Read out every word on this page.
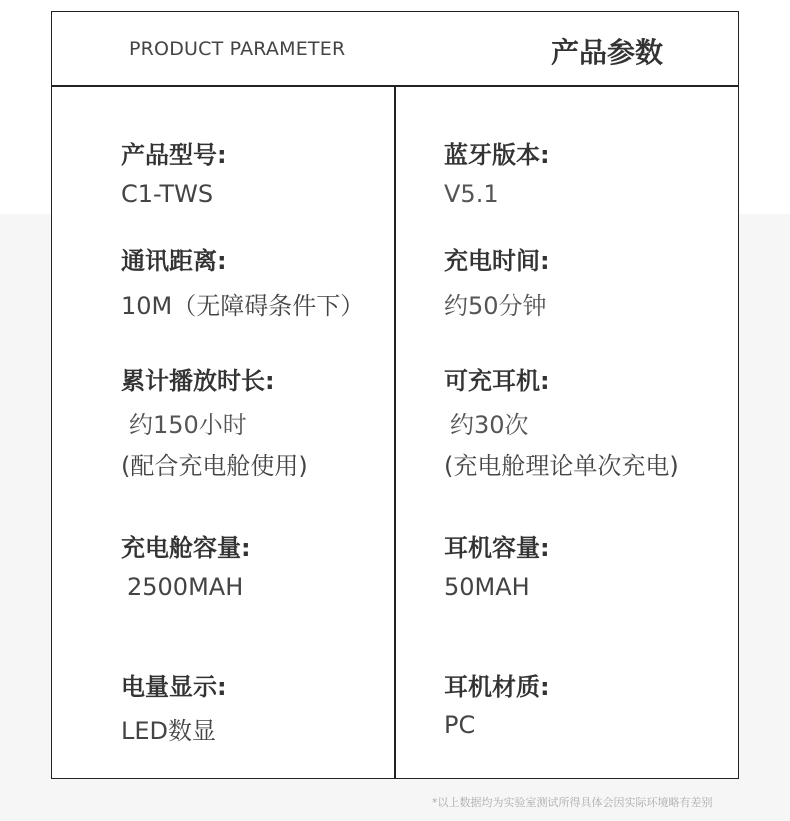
PRODUCT PARAMETER	产品参数
产品型号:
C1-TWS
通讯距离:
10M（无障碍条件下）
累计播放时长:
约150小时
(配合充电舱使用)
充电舱容量:
2500MAH
电量显示:
LED数显
蓝牙版本:
V5.1
充电时间:
约50分钟
可充耳机:
约30次
(充电舱理论单次充电)
耳机容量:
50MAH
耳机材质:
PC
*以上数据均为实验室测试所得具体会因实际环境略有差别
